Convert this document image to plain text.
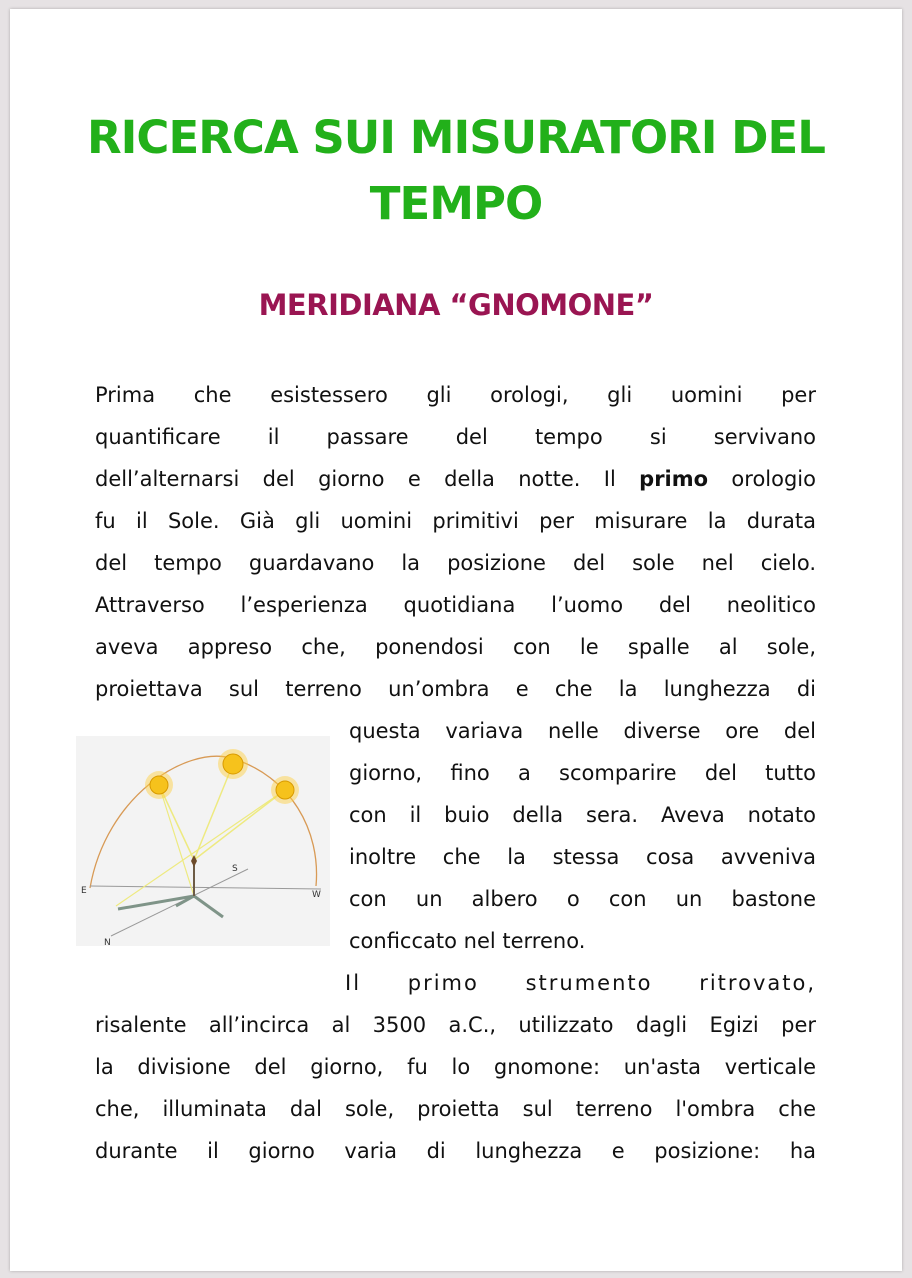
RICERCA SUI MISURATORI DEL
TEMPO
MERIDIANA “GNOMONE”
Prima che esistessero gli orologi, gli uomini per
quantificare il passare del tempo si servivano
dell’alternarsi del giorno e della notte. Il primo orologio
fu il Sole. Già gli uomini primitivi per misurare la durata
del tempo guardavano la posizione del sole nel cielo.
Attraverso l’esperienza quotidiana l’uomo del neolitico
aveva appreso che, ponendosi con le spalle al sole,
proiettava sul terreno un’ombra e che la lunghezza di
questa variava nelle diverse ore del
giorno, fino a scomparire del tutto
con il buio della sera. Aveva notato
inoltre che la stessa cosa avveniva
con un albero o con un bastone
conficcato nel terreno.
Il primo strumento ritrovato,
risalente all’incirca al 3500 a.C., utilizzato dagli Egizi per
la divisione del giorno, fu lo gnomone: un'asta verticale
che, illuminata dal sole, proietta sul terreno l'ombra che
durante il giorno varia di lunghezza e posizione: ha
E	W
S
N
